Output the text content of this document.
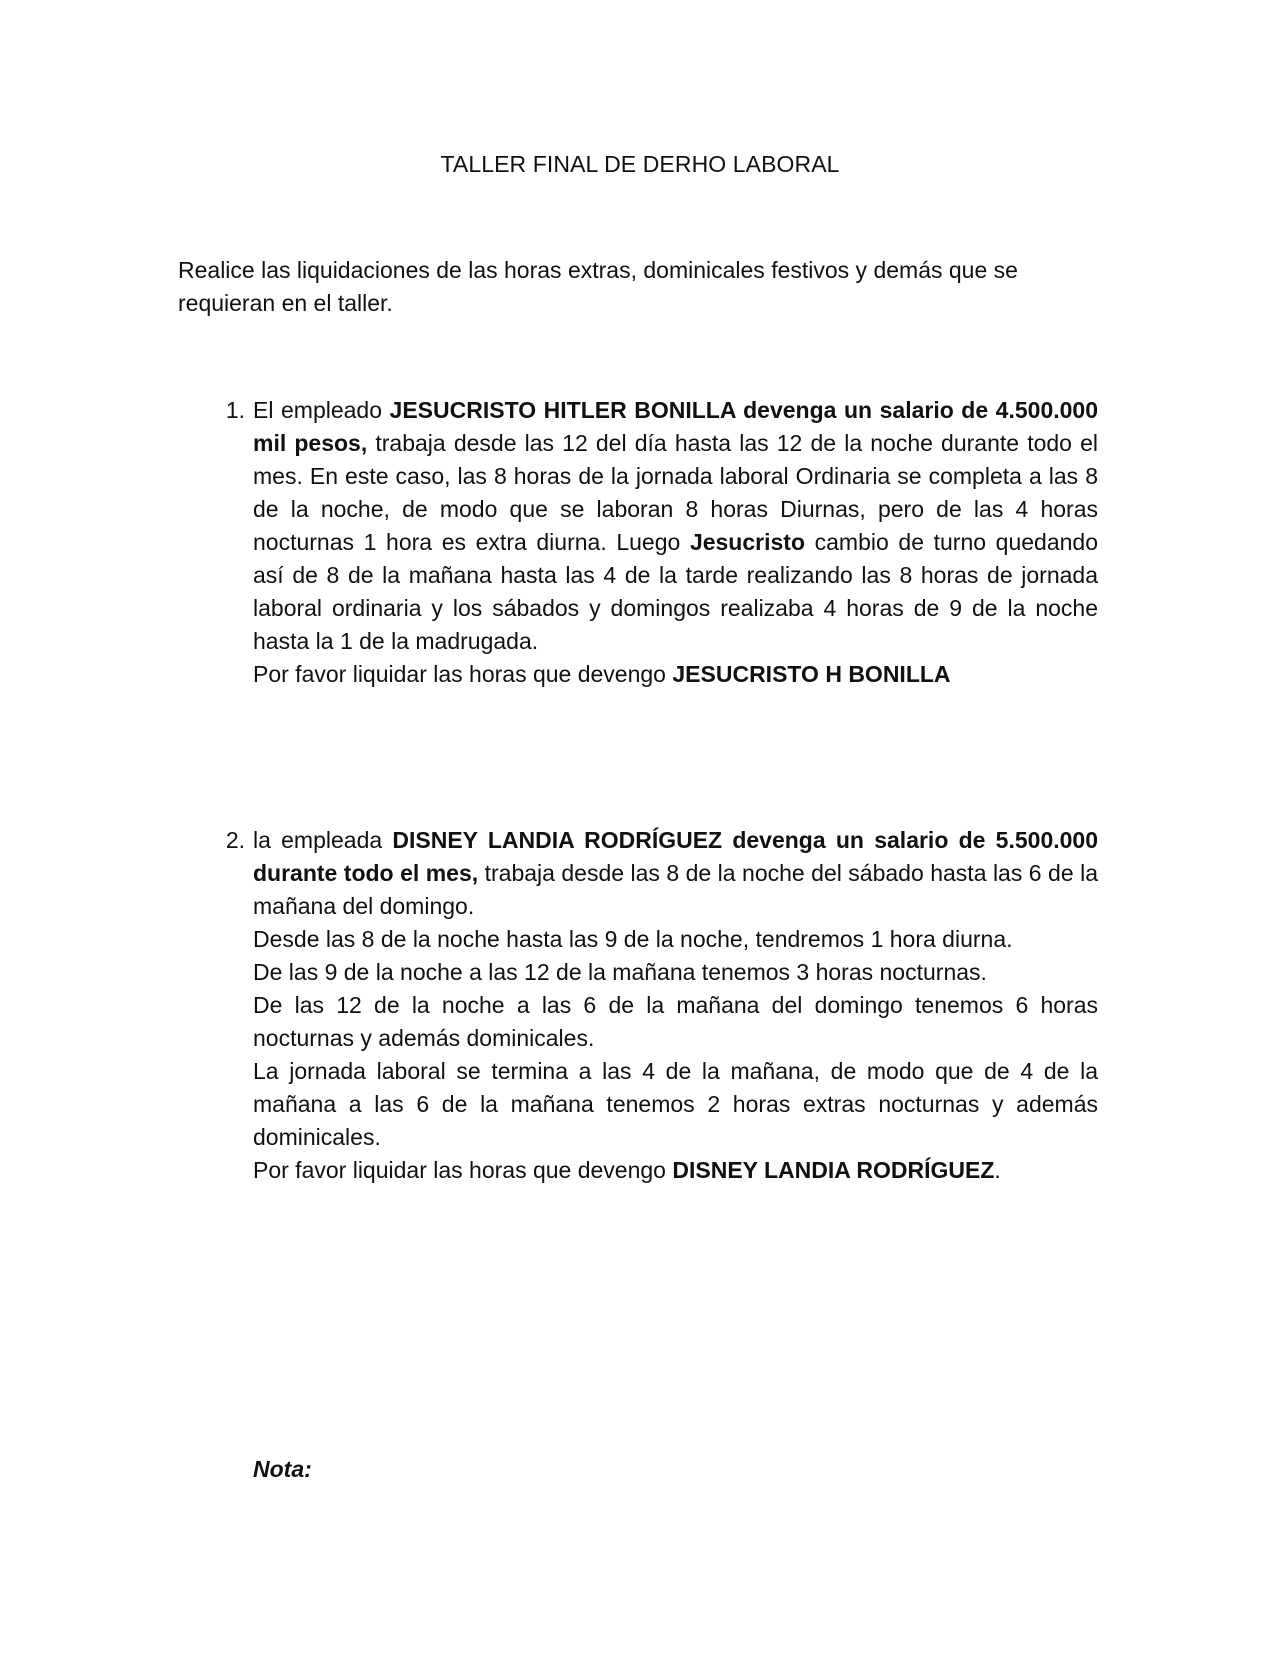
TALLER FINAL DE DERHO LABORAL

Realice las liquidaciones de las horas extras, dominicales festivos y demás que se requieran en el taller.

1. El empleado JESUCRISTO HITLER BONILLA devenga un salario de 4.500.000 mil pesos, trabaja desde las 12 del día hasta las 12 de la noche durante todo el mes. En este caso, las 8 horas de la jornada laboral Ordinaria se completa a las 8 de la noche, de modo que se laboran 8 horas Diurnas, pero de las 4 horas nocturnas 1 hora es extra diurna. Luego Jesucristo cambio de turno quedando así de 8 de la mañana hasta las 4 de la tarde realizando las 8 horas de jornada laboral ordinaria y los sábados y domingos realizaba 4 horas de 9 de la noche hasta la 1 de la madrugada.

Por favor liquidar las horas que devengo JESUCRISTO H BONILLA

2. la empleada DISNEY LANDIA RODRÍGUEZ devenga un salario de 5.500.000 durante todo el mes, trabaja desde las 8 de la noche del sábado hasta las 6 de la mañana del domingo.

Desde las 8 de la noche hasta las 9 de la noche, tendremos 1 hora diurna.

De las 9 de la noche a las 12 de la mañana tenemos 3 horas nocturnas.

De las 12 de la noche a las 6 de la mañana del domingo tenemos 6 horas nocturnas y además dominicales.

La jornada laboral se termina a las 4 de la mañana, de modo que de 4 de la mañana a las 6 de la mañana tenemos 2 horas extras nocturnas y además dominicales.

Por favor liquidar las horas que devengo DISNEY LANDIA RODRÍGUEZ.

Nota:
